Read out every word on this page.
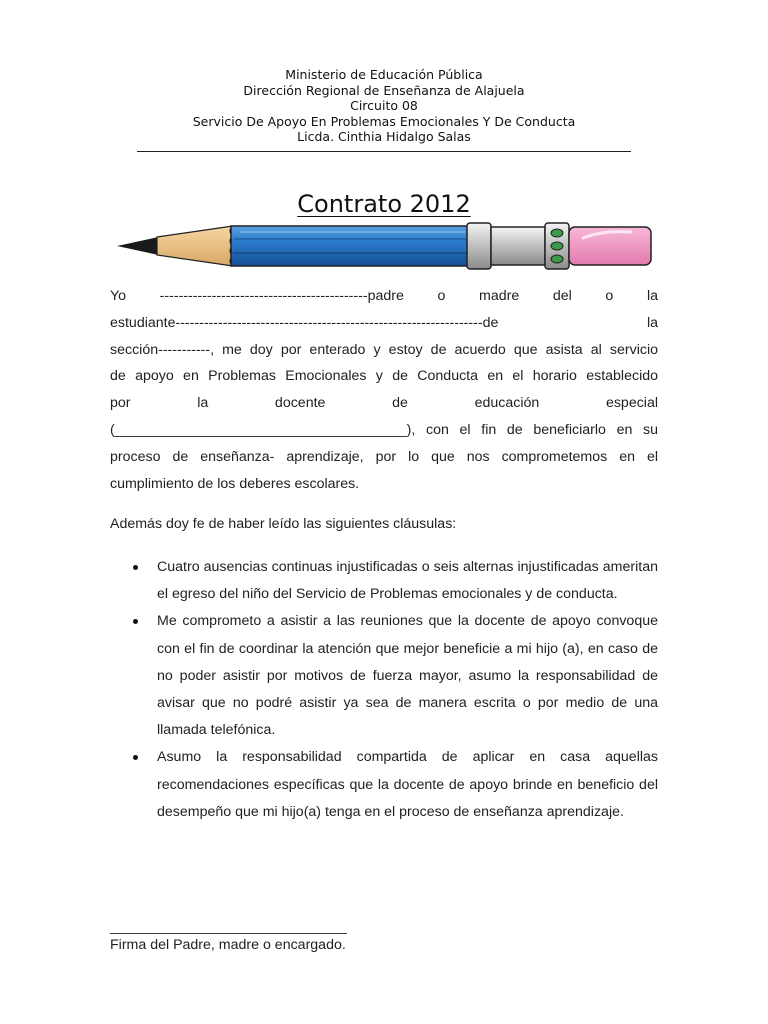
Ministerio de Educación Pública
Dirección Regional de Enseñanza de Alajuela
Circuito 08
Servicio De Apoyo En Problemas Emocionales Y De Conducta
Licda. Cinthia Hidalgo Salas
Contrato 2012
Yo --------------------------------------------padre o madre del o la
estudiante-----------------------------------------------------------------de la
sección-----------, me doy por enterado y estoy de acuerdo que asista al servicio
de apoyo en Problemas Emocionales y de Conducta en el horario establecido
por la docente de educación especial
(_____________________________________), con el fin de beneficiarlo en su
proceso de enseñanza- aprendizaje, por lo que nos comprometemos en el
cumplimiento de los deberes escolares.
Además doy fe de haber leído las siguientes cláusulas:
Cuatro ausencias continuas injustificadas o seis alternas injustificadas ameritan el egreso del niño del Servicio de Problemas emocionales y de conducta.
Me comprometo a asistir a las reuniones que la docente de apoyo convoque con el fin de coordinar la atención que mejor beneficie a mi hijo (a), en caso de no poder asistir por motivos de fuerza mayor, asumo la responsabilidad de avisar que no podré asistir ya sea de manera escrita o por medio de una llamada telefónica.
Asumo la responsabilidad compartida de aplicar en casa aquellas recomendaciones específicas que la docente de apoyo brinde en beneficio del desempeño que mi hijo(a) tenga en el proceso de enseñanza aprendizaje.
______________________________
Firma del Padre, madre o encargado.
